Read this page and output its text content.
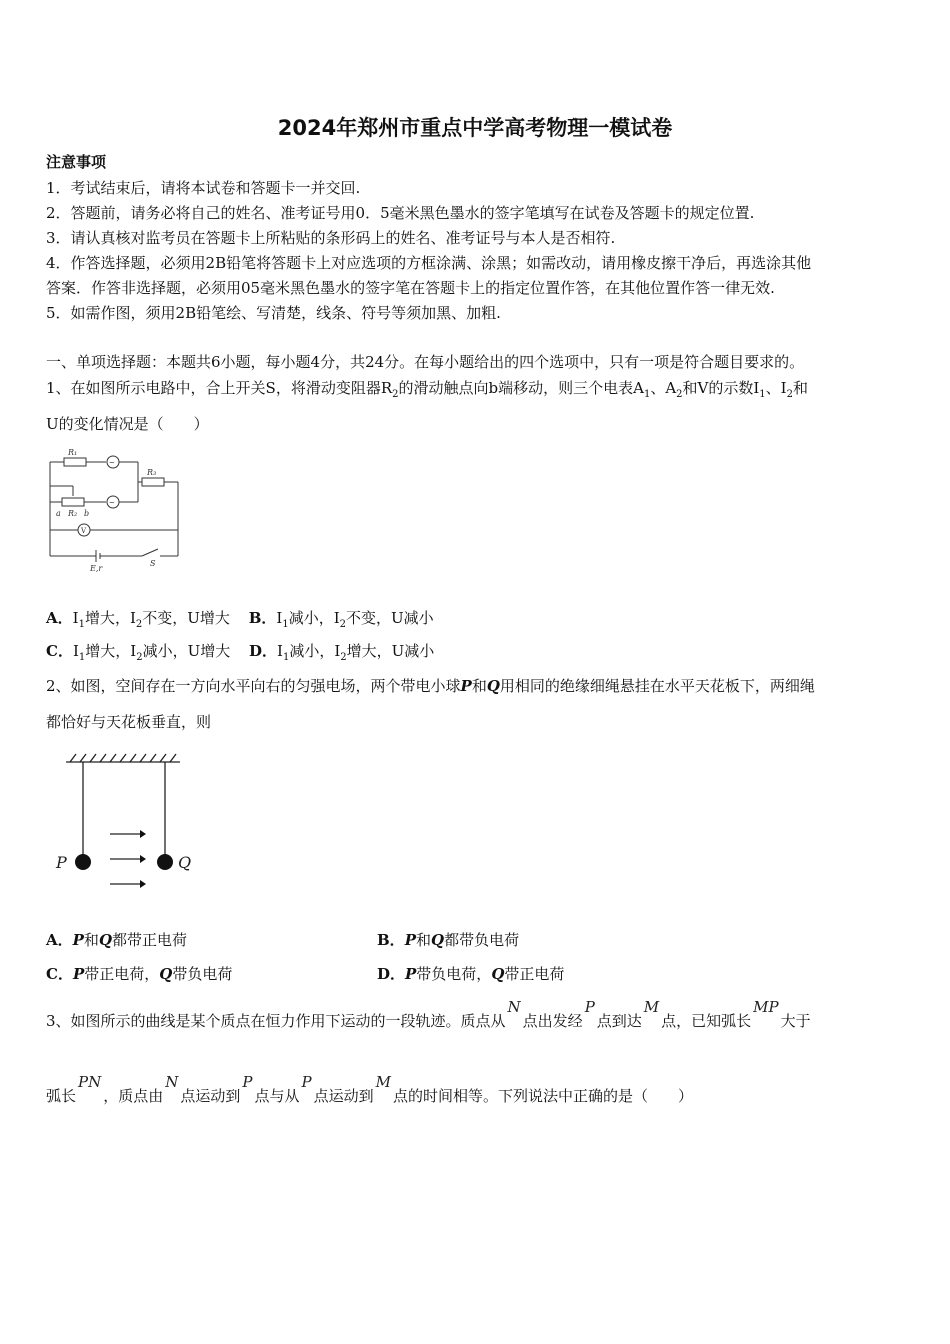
2024年郑州市重点中学高考物理一模试卷
注意事项
1．考试结束后，请将本试卷和答题卡一并交回.
2．答题前，请务必将自己的姓名、准考证号用0．5毫米黑色墨水的签字笔填写在试卷及答题卡的规定位置.
3．请认真核对监考员在答题卡上所粘贴的条形码上的姓名、准考证号与本人是否相符.
4．作答选择题，必须用2B铅笔将答题卡上对应选项的方框涂满、涂黑；如需改动，请用橡皮擦干净后，再选涂其他
答案．作答非选择题，必须用05毫米黑色墨水的签字笔在答题卡上的指定位置作答，在其他位置作答一律无效.
5．如需作图，须用2B铅笔绘、写清楚，线条、符号等须加黑、加粗.
一、单项选择题：本题共6小题，每小题4分，共24分。在每小题给出的四个选项中，只有一项是符合题目要求的。
1、在如图所示电路中，合上开关S，将滑动变阻器$R_2$的滑动触点向b端移动，则三个电表$A_1$、$A_2$和V的示数$I_1$、$I_2$和
U的变化情况是（　　）
R₁
R₃
a R₂ b
V
E,r
S
~
~
A．$I_1$增大，$I_2$不变，U增大 B．$I_1$减小，$I_2$不变，U减小
C．$I_1$增大，$I_2$减小，U增大 D．$I_1$减小，$I_2$增大，U减小
2、如图，空间存在一方向水平向右的匀强电场，两个带电小球P和Q用相同的绝缘细绳悬挂在水平天花板下，两细绳
都恰好与天花板垂直，则
P	Q
A．P和Q都带正电荷	B．P和Q都带负电荷
C．P带正电荷，Q带负电荷	D．P带负电荷，Q带正电荷
3、如图所示的曲线是某个质点在恒力作用下运动的一段轨迹。质点从N点出发经P点到达M点，已知弧长MP大于
弧长PN，质点由N点运动到P点与从P点运动到M点的时间相等。下列说法中正确的是（　　）
